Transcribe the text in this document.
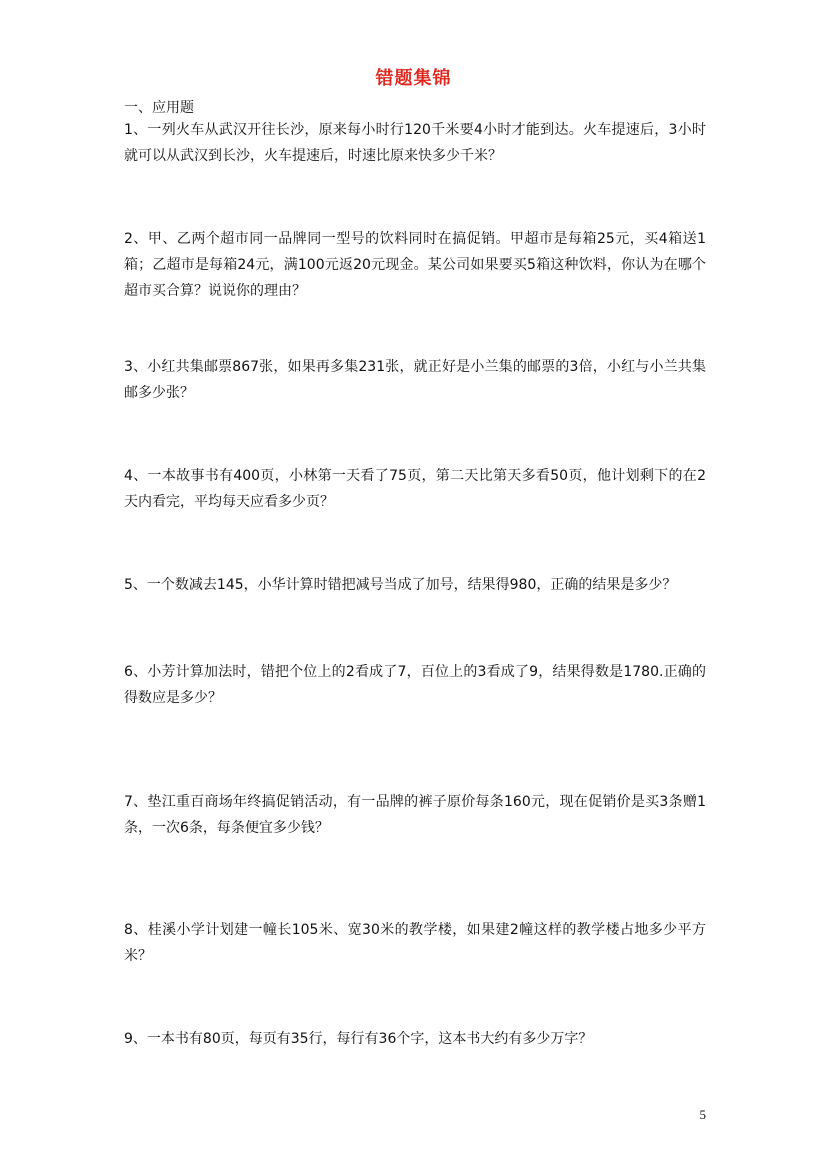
错题集锦
一、应用题
1、一列火车从武汉开往长沙，原来每小时行120千米要4小时才能到达。火车提速后，3小时就可以从武汉到长沙，火车提速后，时速比原来快多少千米？
2、甲、乙两个超市同一品牌同一型号的饮料同时在搞促销。甲超市是每箱25元，买4箱送1箱；乙超市是每箱24元，满100元返20元现金。某公司如果要买5箱这种饮料，你认为在哪个超市买合算？说说你的理由？
3、小红共集邮票867张，如果再多集231张，就正好是小兰集的邮票的3倍，小红与小兰共集邮多少张？
4、一本故事书有400页，小林第一天看了75页，第二天比第天多看50页，他计划剩下的在2天内看完，平均每天应看多少页？
5、一个数减去145，小华计算时错把减号当成了加号，结果得980，正确的结果是多少？
6、小芳计算加法时，错把个位上的2看成了7，百位上的3看成了9，结果得数是1780.正确的得数应是多少？
7、垫江重百商场年终搞促销活动，有一品牌的裤子原价每条160元，现在促销价是买3条赠1条，一次6条，每条便宜多少钱？
8、桂溪小学计划建一幢长105米、宽30米的教学楼，如果建2幢这样的教学楼占地多少平方米？
9、一本书有80页，每页有35行，每行有36个字，这本书大约有多少万字？
5
